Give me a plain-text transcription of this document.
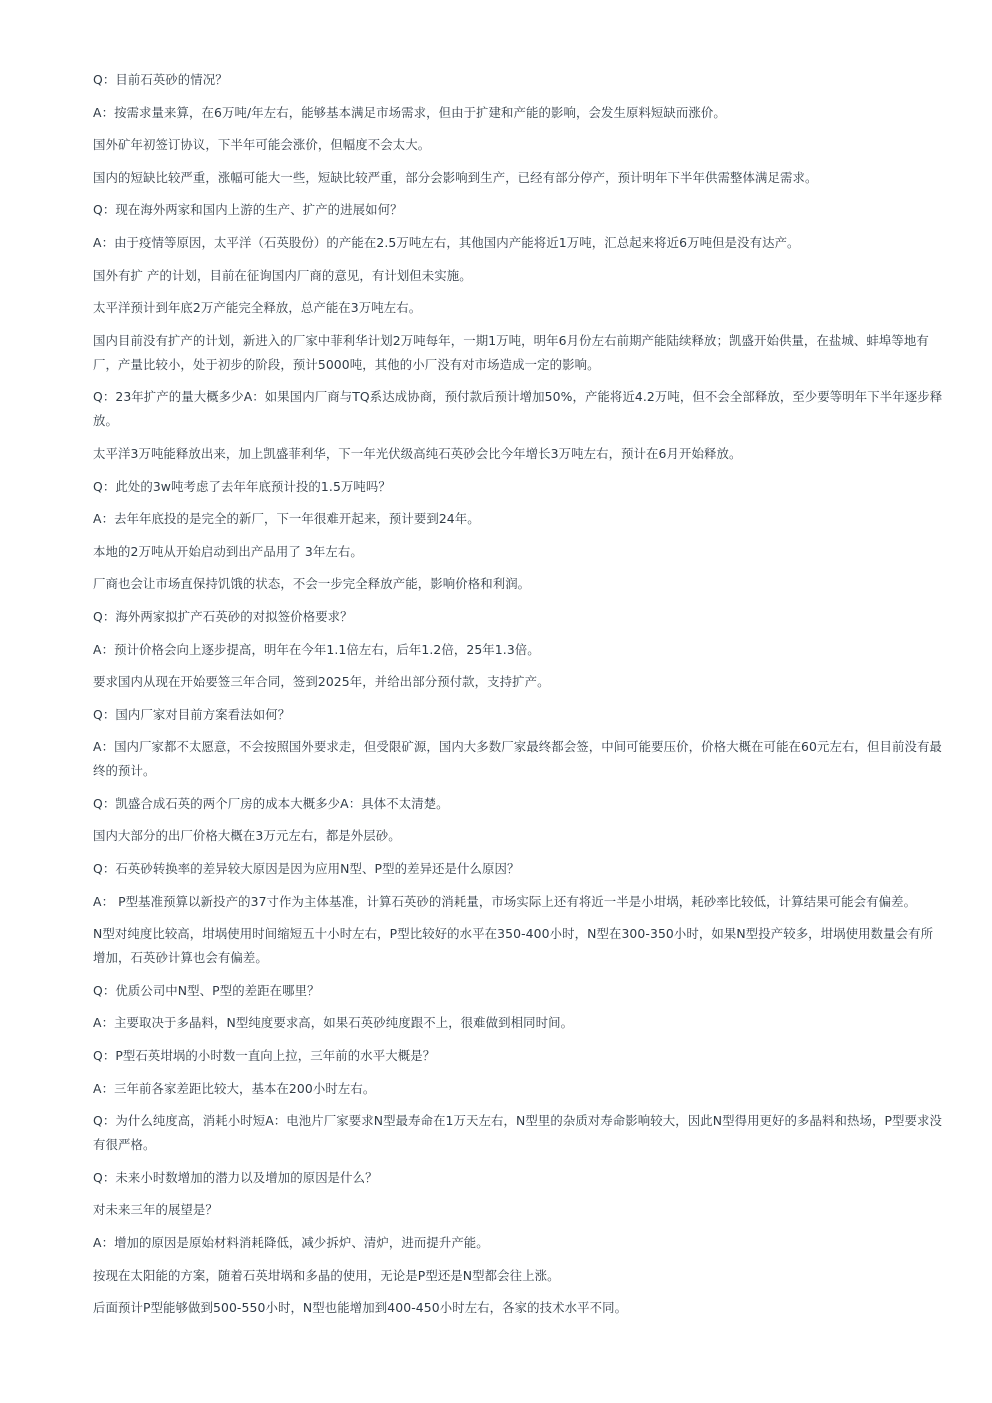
Q：目前石英砂的情况？

A：按需求量来算，在6万吨/年左右，能够基本满足市场需求，但由于扩建和产能的影响，会发生原料短缺而涨价。

国外矿年初签订协议，下半年可能会涨价，但幅度不会太大。

国内的短缺比较严重，涨幅可能大一些，短缺比较严重，部分会影响到生产，已经有部分停产，预计明年下半年供需整体满足需求。

Q：现在海外两家和国内上游的生产、扩产的进展如何？

A：由于疫情等原因，太平洋（石英股份）的产能在2.5万吨左右，其他国内产能将近1万吨，汇总起来将近6万吨但是没有达产。

国外有扩 产的计划，目前在征询国内厂商的意见，有计划但未实施。

太平洋预计到年底2万产能完全释放，总产能在3万吨左右。

国内目前没有扩产的计划，新进入的厂家中菲利华计划2万吨每年，一期1万吨，明年6月份左右前期产能陆续释放；凯盛开始供量，在盐城、蚌埠等地有厂，产量比较小，处于初步的阶段，预计5000吨，其他的小厂没有对市场造成一定的影响。

Q：23年扩产的量大概多少A：如果国内厂商与TQ系达成协商，预付款后预计增加50%，产能将近4.2万吨，但不会全部释放，至少要等明年下半年逐步释放。

太平洋3万吨能释放出来，加上凯盛菲利华，下一年光伏级高纯石英砂会比今年增长3万吨左右，预计在6月开始释放。

Q：此处的3w吨考虑了去年年底预计投的1.5万吨吗？

A：去年年底投的是完全的新厂，下一年很难开起来，预计要到24年。

本地的2万吨从开始启动到出产品用了 3年左右。

厂商也会让市场直保持饥饿的状态，不会一步完全释放产能，影响价格和利润。

Q：海外两家拟扩产石英砂的对拟签价格要求？

A：预计价格会向上逐步提高，明年在今年1.1倍左右，后年1.2倍，25年1.3倍。

要求国内从现在开始要签三年合同，签到2025年，并给出部分预付款，支持扩产。

Q：国内厂家对目前方案看法如何？

A：国内厂家都不太愿意，不会按照国外要求走，但受限矿源，国内大多数厂家最终都会签，中间可能要压价，价格大概在可能在60元左右，但目前没有最终的预计。

Q：凯盛合成石英的两个厂房的成本大概多少A：具体不太清楚。

国内大部分的出厂价格大概在3万元左右，都是外层砂。

Q：石英砂转换率的差异较大原因是因为应用N型、P型的差异还是什么原因？

A： P型基准预算以新投产的37寸作为主体基准，计算石英砂的消耗量，市场实际上还有将近一半是小坩埚，耗砂率比较低，计算结果可能会有偏差。

N型对纯度比较高，坩埚使用时间缩短五十小时左右，P型比较好的水平在350-400小时，N型在300-350小时，如果N型投产较多，坩埚使用数量会有所增加，石英砂计算也会有偏差。

Q：优质公司中N型、P型的差距在哪里？

A：主要取决于多晶料，N型纯度要求高，如果石英砂纯度跟不上，很难做到相同时间。

Q：P型石英坩埚的小时数一直向上拉，三年前的水平大概是？

A：三年前各家差距比较大，基本在200小时左右。

Q：为什么纯度高，消耗小时短A：电池片厂家要求N型最寿命在1万天左右，N型里的杂质对寿命影响较大，因此N型得用更好的多晶料和热场，P型要求没有很严格。

Q：未来小时数增加的潜力以及增加的原因是什么？

对未来三年的展望是？

A：增加的原因是原始材料消耗降低，减少拆炉、清炉，进而提升产能。

按现在太阳能的方案，随着石英坩埚和多晶的使用，无论是P型还是N型都会往上涨。

后面预计P型能够做到500-550小时，N型也能增加到400-450小时左右，各家的技术水平不同。
